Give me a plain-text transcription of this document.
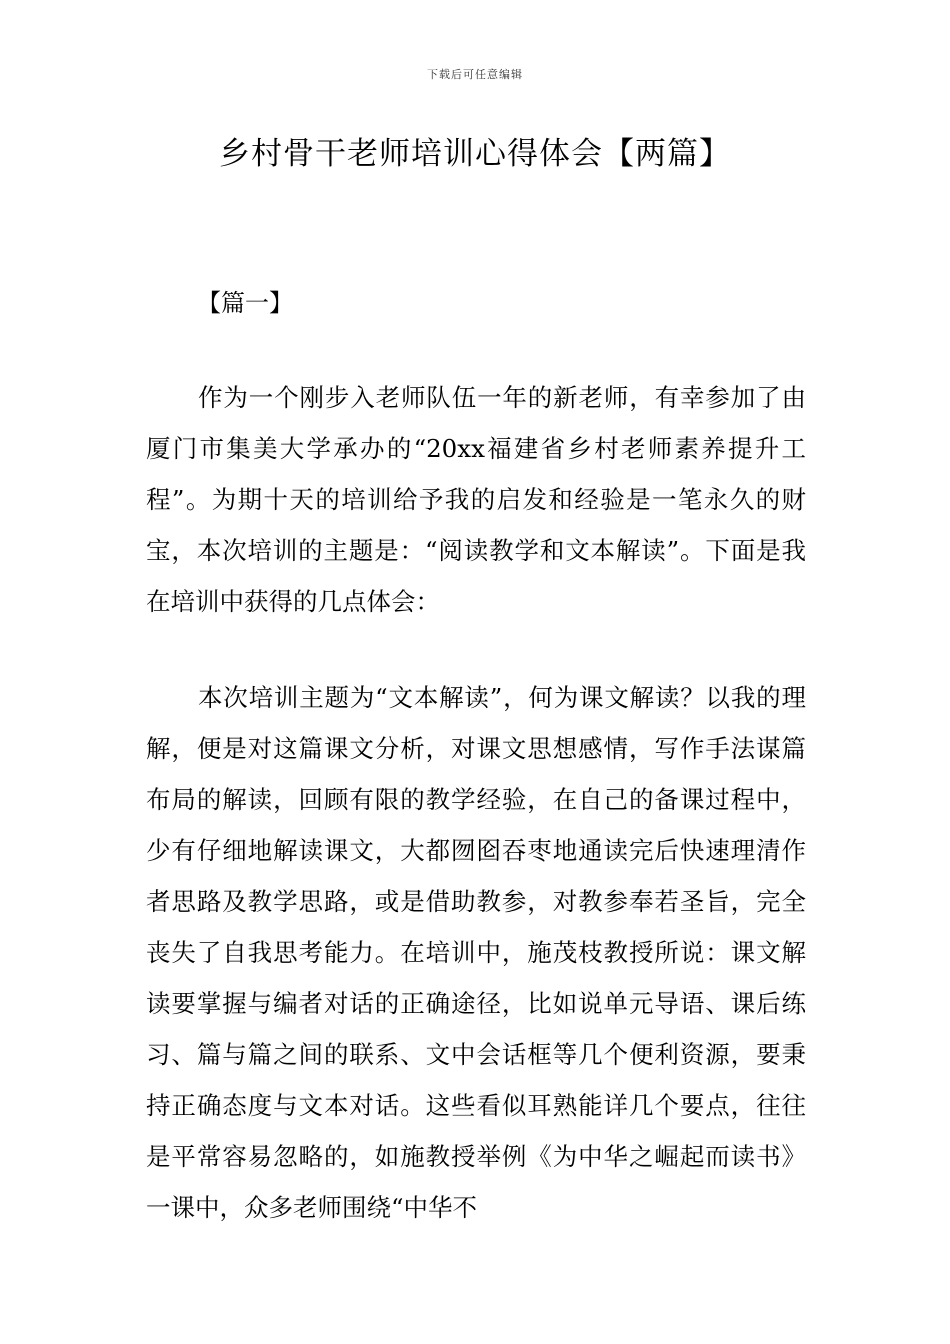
下载后可任意编辑
乡村骨干老师培训心得体会【两篇】
【篇一】

作为一个刚步入老师队伍一年的新老师，有幸参加了由厦门市集美大学承办的“20xx福建省乡村老师素养提升工程”。为期十天的培训给予我的启发和经验是一笔永久的财宝，本次培训的主题是：“阅读教学和文本解读”。下面是我在培训中获得的几点体会：

本次培训主题为“文本解读”，何为课文解读？以我的理解，便是对这篇课文分析，对课文思想感情，写作手法谋篇布局的解读，回顾有限的教学经验，在自己的备课过程中，少有仔细地解读课文，大都囫囵吞枣地通读完后快速理清作者思路及教学思路，或是借助教参，对教参奉若圣旨，完全丧失了自我思考能力。在培训中，施茂枝教授所说：课文解读要掌握与编者对话的正确途径，比如说单元导语、课后练习、篇与篇之间的联系、文中会话框等几个便利资源，要秉持正确态度与文本对话。这些看似耳熟能详几个要点，往往是平常容易忽略的，如施教授举例《为中华之崛起而读书》一课中，众多老师围绕“中华不
